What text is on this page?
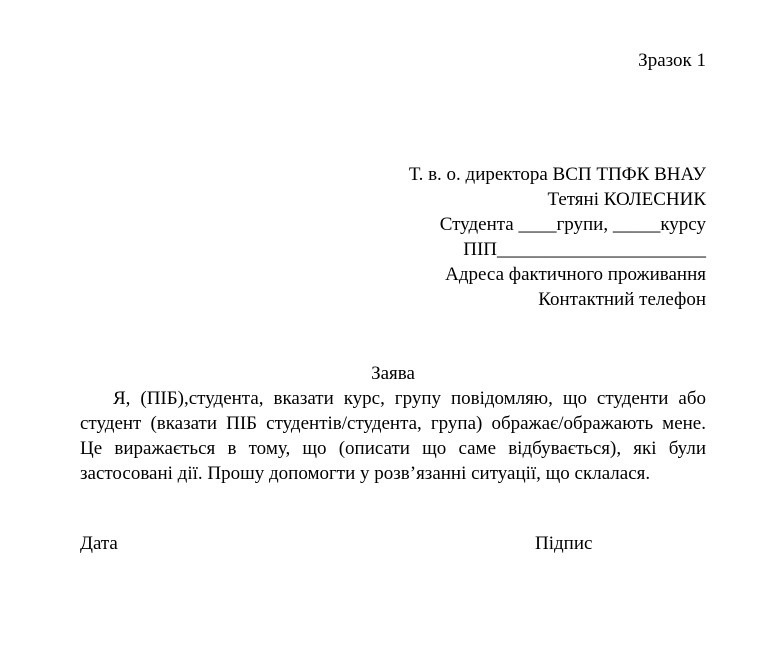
Зразок 1
Т. в. о. директора ВСП ТПФК ВНАУ
Тетяні КОЛЕСНИК
Студента ____групи, _____курсу
ПІП______________________
Адреса фактичного проживання
Контактний телефон
Заява

Я, (ПІБ),студента, вказати курс, групу повідомляю, що студенти або студент (вказати ПІБ студентів/студента, група) ображає/ображають мене. Це виражається в тому, що (описати що саме відбувається), які були застосовані дії. Прошу допомогти у розв’язанні ситуації, що склалася.

Дата	Підпис
